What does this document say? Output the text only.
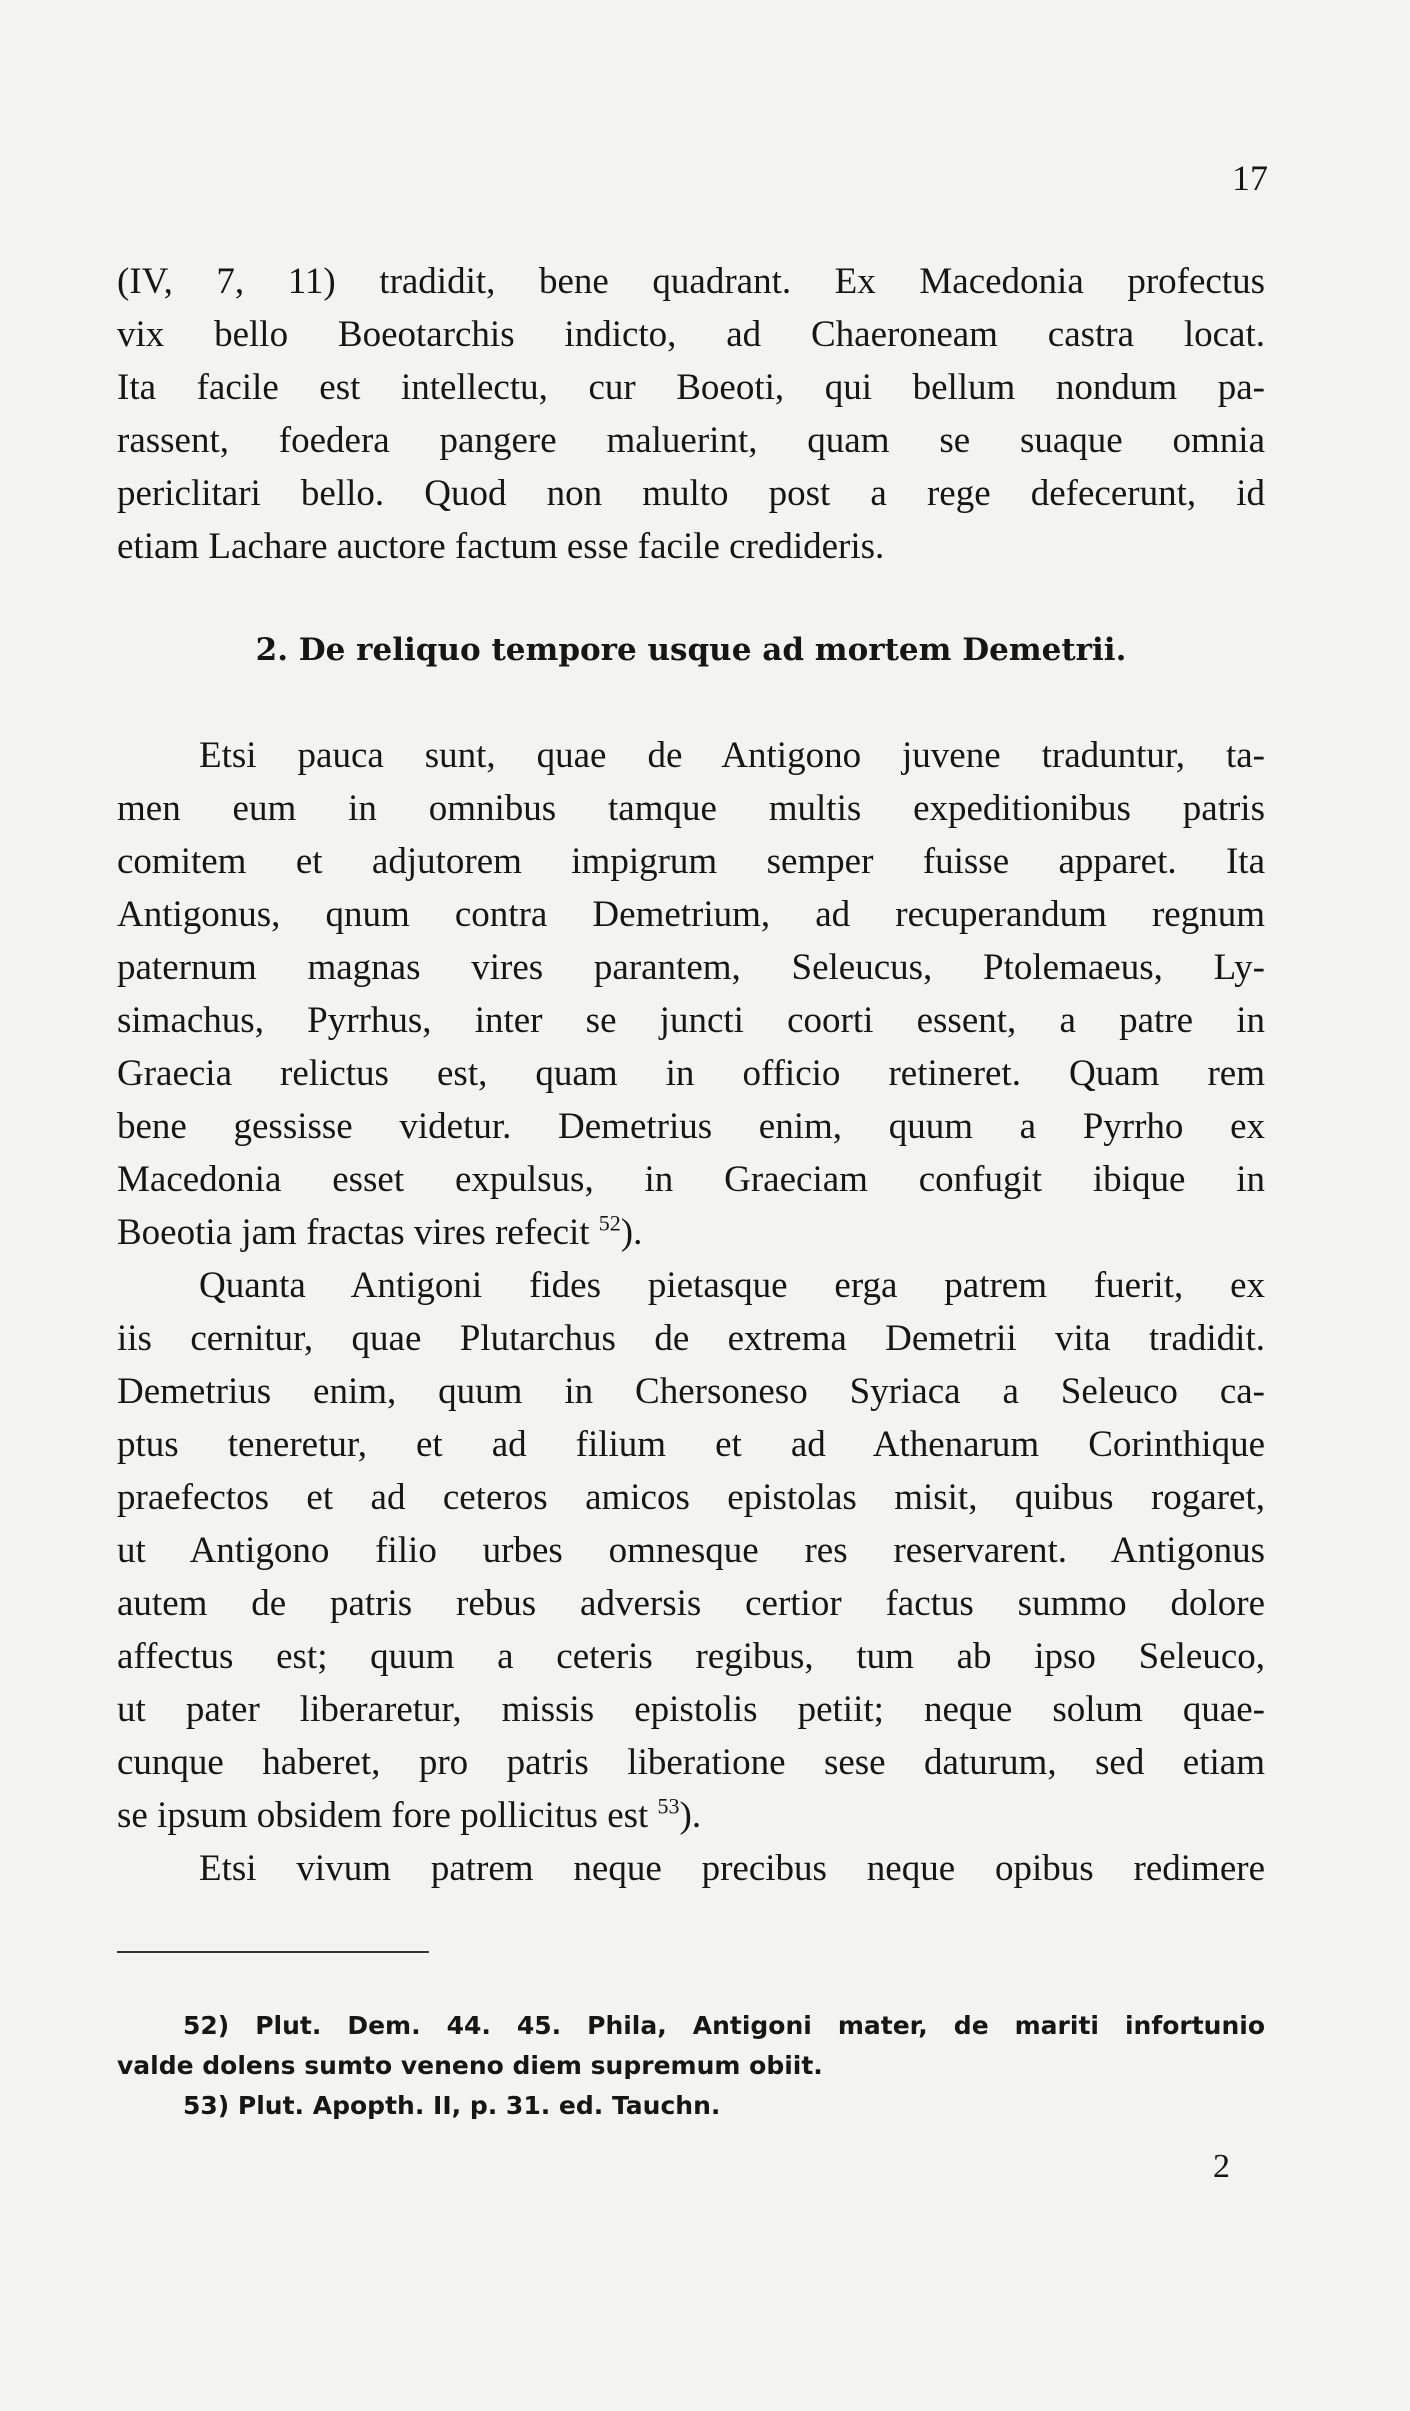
17
(IV, 7, 11) tradidit, bene quadrant. Ex Macedonia profectus
vix bello Boeotarchis indicto, ad Chaeroneam castra locat.
Ita facile est intellectu, cur Boeoti, qui bellum nondum pa-
rassent, foedera pangere maluerint, quam se suaque omnia
periclitari bello. Quod non multo post a rege defecerunt, id
etiam Lachare auctore factum esse facile credideris.
2. De reliquo tempore usque ad mortem Demetrii.
Etsi pauca sunt, quae de Antigono juvene traduntur, ta-
men eum in omnibus tamque multis expeditionibus patris
comitem et adjutorem impigrum semper fuisse apparet. Ita
Antigonus, qnum contra Demetrium, ad recuperandum regnum
paternum magnas vires parantem, Seleucus, Ptolemaeus, Ly-
simachus, Pyrrhus, inter se juncti coorti essent, a patre in
Graecia relictus est, quam in officio retineret. Quam rem
bene gessisse videtur. Demetrius enim, quum a Pyrrho ex
Macedonia esset expulsus, in Graeciam confugit ibique in
Boeotia jam fractas vires refecit $^{52}$).
Quanta Antigoni fides pietasque erga patrem fuerit, ex
iis cernitur, quae Plutarchus de extrema Demetrii vita tradidit.
Demetrius enim, quum in Chersoneso Syriaca a Seleuco ca-
ptus teneretur, et ad filium et ad Athenarum Corinthique
praefectos et ad ceteros amicos epistolas misit, quibus rogaret,
ut Antigono filio urbes omnesque res reservarent. Antigonus
autem de patris rebus adversis certior factus summo dolore
affectus est; quum a ceteris regibus, tum ab ipso Seleuco,
ut pater liberaretur, missis epistolis petiit; neque solum quae-
cunque haberet, pro patris liberatione sese daturum, sed etiam
se ipsum obsidem fore pollicitus est $^{53}$).
Etsi vivum patrem neque precibus neque opibus redimere
52) Plut. Dem. 44. 45. Phila, Antigoni mater, de mariti infortunio
valde dolens sumto veneno diem supremum obiit.
53) Plut. Apopth. II, p. 31. ed. Tauchn.
2
